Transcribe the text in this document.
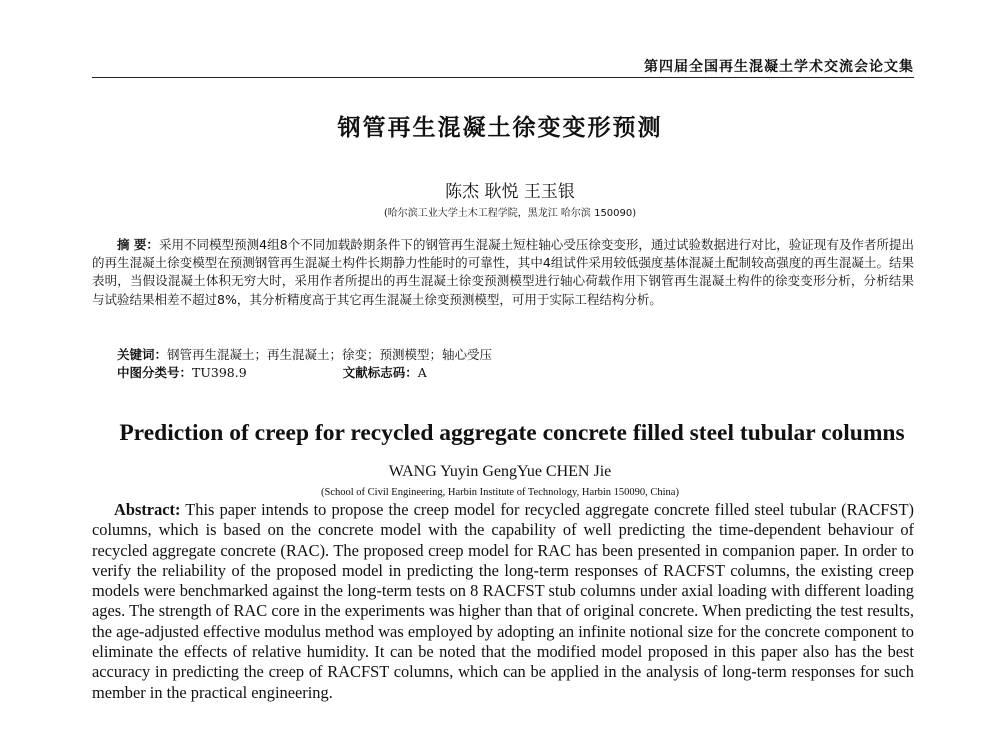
第四届全国再生混凝土学术交流会论文集
钢管再生混凝土徐变变形预测
陈杰 耿悦 王玉银
(哈尔滨工业大学土木工程学院，黑龙江 哈尔滨 150090)

摘 要：采用不同模型预测4组8个不同加载龄期条件下的钢管再生混凝土短柱轴心受压徐变变形，通过试验数据进行对比，验证现有及作者所提出的再生混凝土徐变模型在预测钢管再生混凝土构件长期静力性能时的可靠性，其中4组试件采用较低强度基体混凝土配制较高强度的再生混凝土。结果表明，当假设混凝土体积无穷大时，采用作者所提出的再生混凝土徐变预测模型进行轴心荷载作用下钢管再生混凝土构件的徐变变形分析，分析结果与试验结果相差不超过8%，其分析精度高于其它再生混凝土徐变预测模型，可用于实际工程结构分析。

关键词：钢管再生混凝土；再生混凝土；徐变；预测模型；轴心受压
中图分类号：TU398.9	文献标志码：A
Prediction of creep for recycled aggregate concrete filled steel tubular columns
WANG Yuyin GengYue CHEN Jie
(School of Civil Engineering, Harbin Institute of Technology, Harbin 150090, China)

Abstract: This paper intends to propose the creep model for recycled aggregate concrete filled steel tubular (RACFST) columns, which is based on the concrete model with the capability of well predicting the time-dependent behaviour of recycled aggregate concrete (RAC). The proposed creep model for RAC has been presented in companion paper. In order to verify the reliability of the proposed model in predicting the long-term responses of RACFST columns, the existing creep models were benchmarked against the long-term tests on 8 RACFST stub columns under axial loading with different loading ages. The strength of RAC core in the experiments was higher than that of original concrete. When predicting the test results, the age-adjusted effective modulus method was employed by adopting an infinite notional size for the concrete component to eliminate the effects of relative humidity. It can be noted that the modified model proposed in this paper also has the best accuracy in predicting the creep of RACFST columns, which can be applied in the analysis of long-term responses for such member in the practical engineering.
